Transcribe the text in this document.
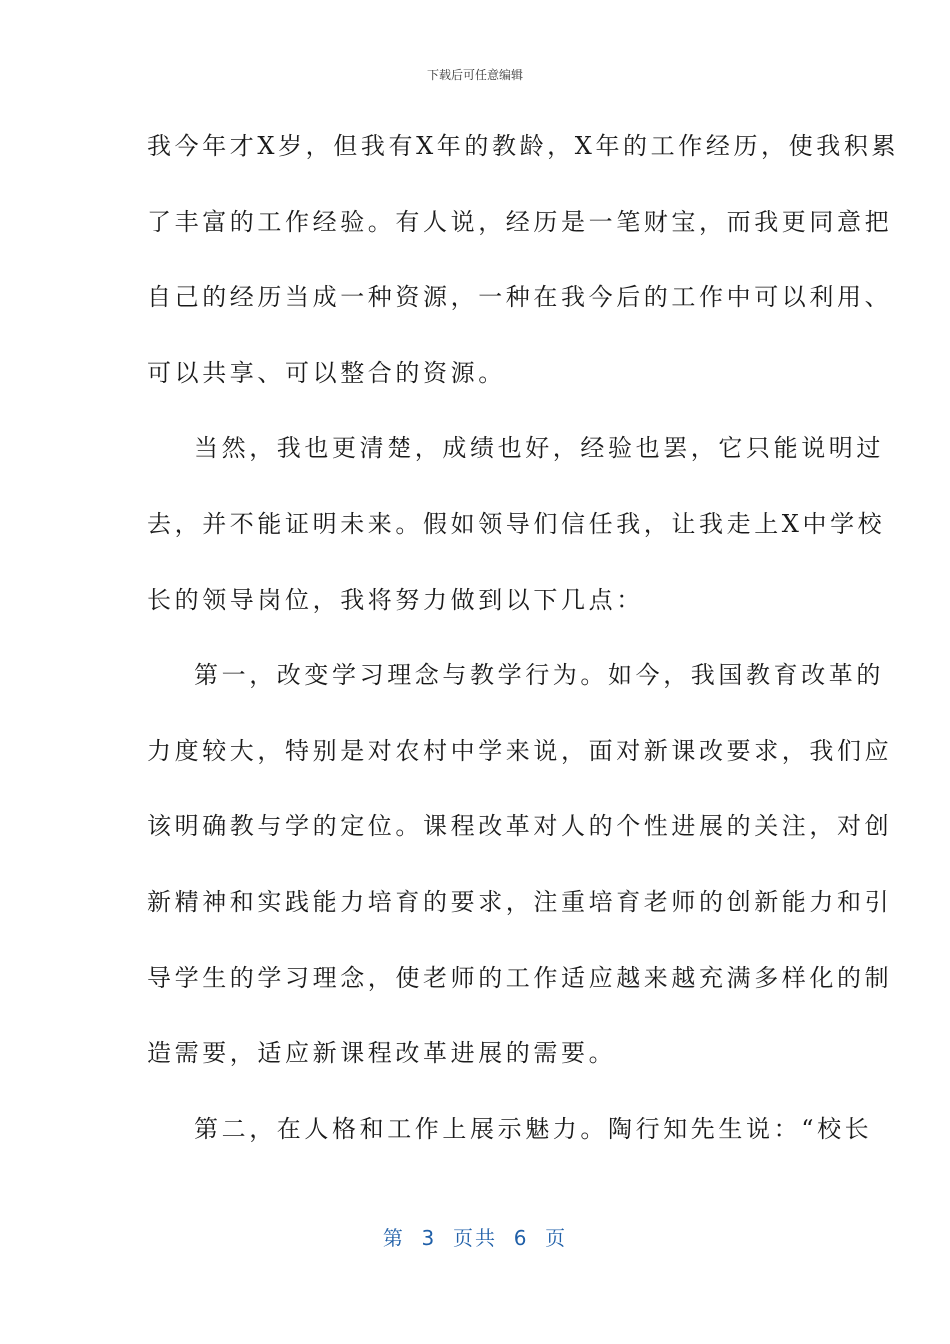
下载后可任意编辑
我今年才X岁，但我有X年的教龄，X年的工作经历，使我积累
了丰富的工作经验。有人说，经历是一笔财宝，而我更同意把
自己的经历当成一种资源，一种在我今后的工作中可以利用、
可以共享、可以整合的资源。
当然，我也更清楚，成绩也好，经验也罢，它只能说明过
去，并不能证明未来。假如领导们信任我，让我走上X中学校
长的领导岗位，我将努力做到以下几点：
第一，改变学习理念与教学行为。如今，我国教育改革的
力度较大，特别是对农村中学来说，面对新课改要求，我们应
该明确教与学的定位。课程改革对人的个性进展的关注，对创
新精神和实践能力培育的要求，注重培育老师的创新能力和引
导学生的学习理念，使老师的工作适应越来越充满多样化的制
造需要，适应新课程改革进展的需要。
第二，在人格和工作上展示魅力。陶行知先生说：“校长
第  3  页共  6  页
